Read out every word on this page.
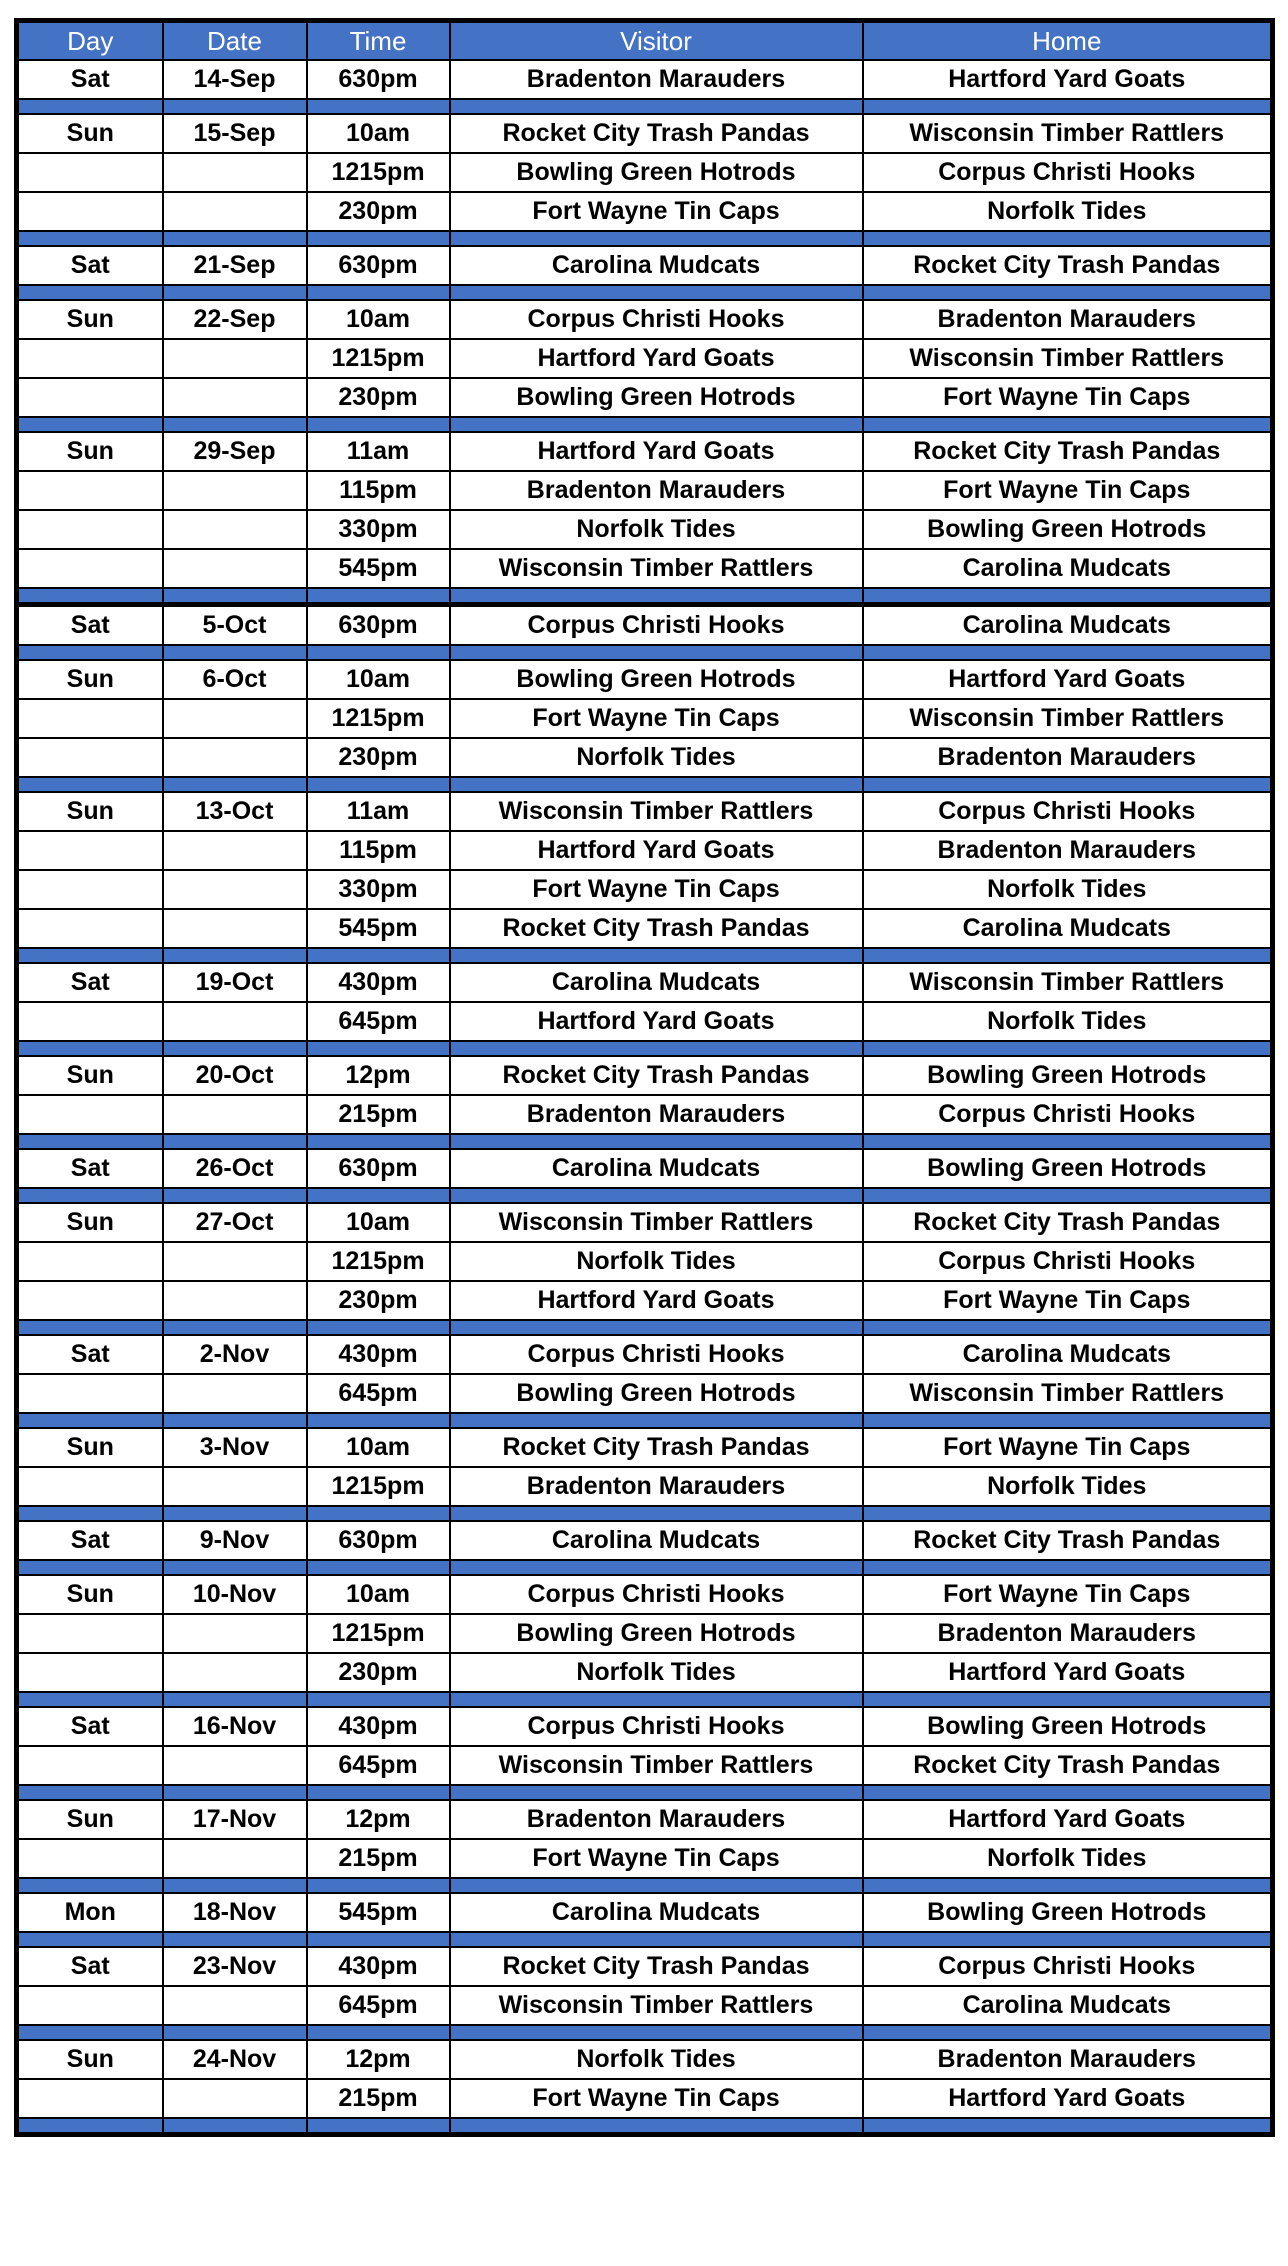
Day	Date	Time	Visitor	Home
Sat	14-Sep	630pm	Bradenton Marauders	Hartford Yard Goats

Sun	15-Sep	10am	Rocket City Trash Pandas	Wisconsin Timber Rattlers
		1215pm	Bowling Green Hotrods	Corpus Christi Hooks
		230pm	Fort Wayne Tin Caps	Norfolk Tides

Sat	21-Sep	630pm	Carolina Mudcats	Rocket City Trash Pandas

Sun	22-Sep	10am	Corpus Christi Hooks	Bradenton Marauders
		1215pm	Hartford Yard Goats	Wisconsin Timber Rattlers
		230pm	Bowling Green Hotrods	Fort Wayne Tin Caps

Sun	29-Sep	11am	Hartford Yard Goats	Rocket City Trash Pandas
		115pm	Bradenton Marauders	Fort Wayne Tin Caps
		330pm	Norfolk Tides	Bowling Green Hotrods
		545pm	Wisconsin Timber Rattlers	Carolina Mudcats

Sat	5-Oct	630pm	Corpus Christi Hooks	Carolina Mudcats

Sun	6-Oct	10am	Bowling Green Hotrods	Hartford Yard Goats
		1215pm	Fort Wayne Tin Caps	Wisconsin Timber Rattlers
		230pm	Norfolk Tides	Bradenton Marauders

Sun	13-Oct	11am	Wisconsin Timber Rattlers	Corpus Christi Hooks
		115pm	Hartford Yard Goats	Bradenton Marauders
		330pm	Fort Wayne Tin Caps	Norfolk Tides
		545pm	Rocket City Trash Pandas	Carolina Mudcats

Sat	19-Oct	430pm	Carolina Mudcats	Wisconsin Timber Rattlers
		645pm	Hartford Yard Goats	Norfolk Tides

Sun	20-Oct	12pm	Rocket City Trash Pandas	Bowling Green Hotrods
		215pm	Bradenton Marauders	Corpus Christi Hooks

Sat	26-Oct	630pm	Carolina Mudcats	Bowling Green Hotrods

Sun	27-Oct	10am	Wisconsin Timber Rattlers	Rocket City Trash Pandas
		1215pm	Norfolk Tides	Corpus Christi Hooks
		230pm	Hartford Yard Goats	Fort Wayne Tin Caps

Sat	2-Nov	430pm	Corpus Christi Hooks	Carolina Mudcats
		645pm	Bowling Green Hotrods	Wisconsin Timber Rattlers

Sun	3-Nov	10am	Rocket City Trash Pandas	Fort Wayne Tin Caps
		1215pm	Bradenton Marauders	Norfolk Tides

Sat	9-Nov	630pm	Carolina Mudcats	Rocket City Trash Pandas

Sun	10-Nov	10am	Corpus Christi Hooks	Fort Wayne Tin Caps
		1215pm	Bowling Green Hotrods	Bradenton Marauders
		230pm	Norfolk Tides	Hartford Yard Goats

Sat	16-Nov	430pm	Corpus Christi Hooks	Bowling Green Hotrods
		645pm	Wisconsin Timber Rattlers	Rocket City Trash Pandas

Sun	17-Nov	12pm	Bradenton Marauders	Hartford Yard Goats
		215pm	Fort Wayne Tin Caps	Norfolk Tides

Mon	18-Nov	545pm	Carolina Mudcats	Bowling Green Hotrods

Sat	23-Nov	430pm	Rocket City Trash Pandas	Corpus Christi Hooks
		645pm	Wisconsin Timber Rattlers	Carolina Mudcats

Sun	24-Nov	12pm	Norfolk Tides	Bradenton Marauders
		215pm	Fort Wayne Tin Caps	Hartford Yard Goats
